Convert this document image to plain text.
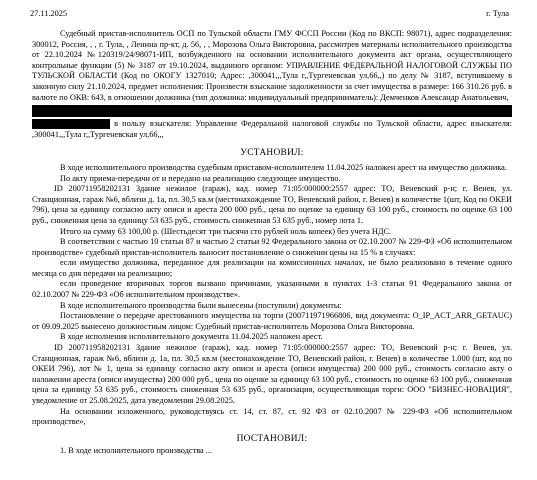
27.11.2025	г. Тула

Судебный пристав-исполнитель ОСП по Тульской области ГМУ ФССП России (Код по ВКСП: 98071), адрес подразделения: 300012, Россия, , , г. Тула, , Ленина пр-кт, д. 56, , , Морозова Ольга Викторовна, рассмотрев материалы исполнительного производства от 22.10.2024 №120319/24/98071-ИП, возбужденного на основании исполнительного документа акт органа, осуществляющего контрольные функции (5) № 3187 от 19.10.2024, выданного органом: УПРАВЛЕНИЕ ФЕДЕРАЛЬНОЙ НАЛОГОВОЙ СЛУЖБЫ ПО ТУЛЬСКОЙ ОБЛАСТИ (Код по ОКОГУ 1327010; Адрес: ,300041,,,Тула г,,Тургеневская ул,66,,) по делу № 3187, вступившему в законную силу 21.10.2024, предмет исполнения: Произвести взыскание задолженности за счет имущества в размере: 166 310.26 руб. в валюте по ОКВ: 643, в отношении должника (тип должника: индивидуальный предприниматель): Демченков Александр Анатольевич,

в пользу взыскателя: Управление Федеральной налоговой службы по Тульской области, адрес взыскателя: ,300041,,,Тула г,,Тургеневская ул,66,,,

УСТАНОВИЛ:

В ходе исполнительного производства судебным приставом-исполнителем 11.04.2025 наложен арест на имущество должника.

По акту приема-передачи от и передано на реализацию следующее имущество.

ID 200711958202131 Здание нежилое (гараж), кад. номер 71:05:000000:2557 адрес: ТО, Веневский р-н; г. Венев, ул. Станционная, гараж №6, вблизи д. 1а, пл. 30,5 кв.м (местонахождение ТО, Веневский район, г. Венев) в количестве 1(шт, Код по ОКЕИ 796), цена за единицу согласно акту описи и ареста 200 000 руб., цена по оценке за единицу 63 100 руб., стоимость по оценке 63 100 руб., сниженная цена за единицу 53 635 руб., стоимость сниженная 53 635 руб., номер лота 1.

Итого на сумму 63 100,00 р. (Шестьдесят три тысячи сто рублей ноль копеек) без учета НДС.

В соответствии с частью 10 статьи 87 и частью 2 статьи 92 Федерального закона от 02.10.2007 № 229-ФЗ «Об исполнительном производстве» судебный пристав-исполнитель выносит постановление о снижении цены на 15 % в случаях:

если имущество должника, переданное для реализации на комиссионных началах, не было реализовано в течение одного месяца со дня передачи на реализацию;

если проведение вторичных торгов вызвано причинами, указанными в пунктах 1-3 статьи 91 Федерального закона от 02.10.2007 № 229-ФЗ «Об исполнительном производстве».

В ходе исполнительного производства были вынесены (поступили) документы:

Постановление о передаче арестованного имущества на торги (200711971966806, вид документа: O_IP_ACT_ARR_GETAUC) от 09.09.2025 вынесено должностным лицом: Судебный пристав-исполнитель Морозова Ольга Викторовна.

В ходе исполнения исполнительного документа 11.04.2025 наложен арест.

ID 200711958202131 Здание нежилое (гараж), кад. номер 71:05:000000:2557 адрес: ТО, Веневский р-н; г. Венев, ул. Станционная, гараж №6, вблизи д. 1а, пл. 30,5 кв.м (местонахождение ТО, Веневский район, г. Венев) в количестве 1.000 (шт, код по ОКЕИ 796), лот № 1, цена за единицу согласно акту описи и ареста (описи имущества) 200 000 руб., стоимость согласно акту о наложении ареста (описи имущества) 200 000 руб., цена по оценке за единицу 63 100 руб., стоимость по оценке 63 100 руб., сниженная цена за единицу 53 635 руб., стоимость сниженная 53 635 руб., организация, осуществляющая торги: ООО "БИЗНЕС-НОВАЦИЯ", уведомление от 25.08.2025, дата уведомления 29.08.2025.

На основании изложенного, руководствуясь ст. 14, ст. 87, ст. 92 ФЗ от 02.10.2007 № 229-ФЗ «Об исполнительном производстве»,

ПОСТАНОВИЛ:

1. В ходе исполнительного производства ...
